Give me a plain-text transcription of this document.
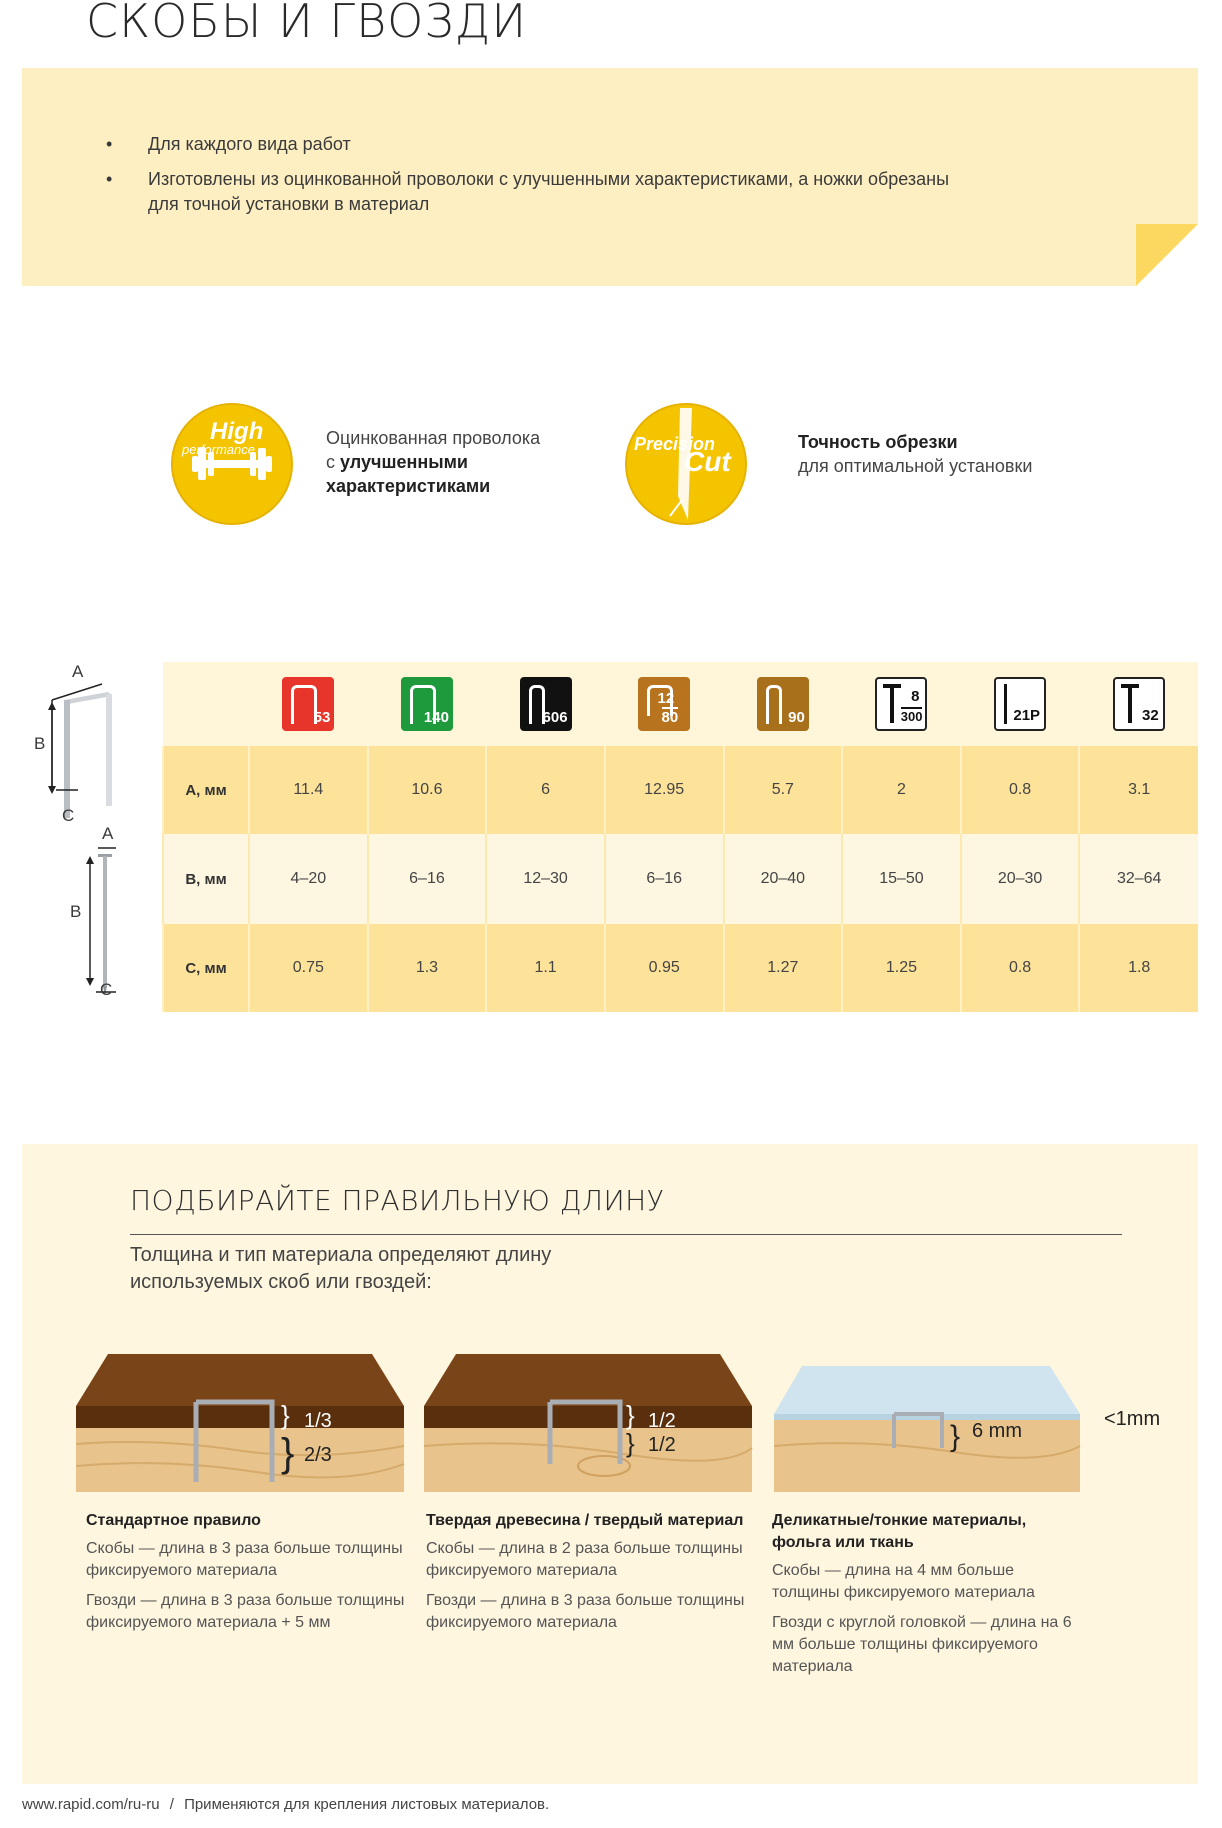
СКОБЫ И ГВОЗДИ
• Для каждого вида работ
• Изготовлены из оцинкованной проволоки с улучшенными характеристиками, а ножки обрезаны для точной установки в материал
High
performance
Оцинкованная проволока
с улучшенными
характеристиками
Precision
Cut
Точность обрезки
для оптимальной установки
A
B
C
A
B
C

	53	140	606	$\frac{12}{80}$	90	$\frac{8}{300}$	21P	32

A, мм	11.4	10.6	6	12.95	5.7	2	0.8	3.1
B, мм	4–20	6–16	12–30	6–16	20–40	15–50	20–30	32–64
C, мм	0.75	1.3	1.1	0.95	1.27	1.25	0.8	1.8
ПОДБИРАЙТЕ ПРАВИЛЬНУЮ ДЛИНУ
Толщина и тип материала определяют длину
используемых скоб или гвоздей:
}
}
1/3
2/3
}
}
1/2
1/2	} 6 mm
<1mm
Стандартное правило

Скобы — длина в 3 раза больше толщины фиксируемого материала

Гвозди — длина в 3 раза больше толщины фиксируемого материала + 5 мм

Твердая древесина / твердый материал

Скобы — длина в 2 раза больше толщины фиксируемого материала

Гвозди — длина в 3 раза больше толщины фиксируемого материала

Деликатные/тонкие материалы, фольга или ткань

Скобы — длина на 4 мм больше толщины фиксируемого материала

Гвозди с круглой головкой — длина на 6 мм больше толщины фиксируемого материала

www.rapid.com/ru-ru / Применяются для крепления листовых материалов.
